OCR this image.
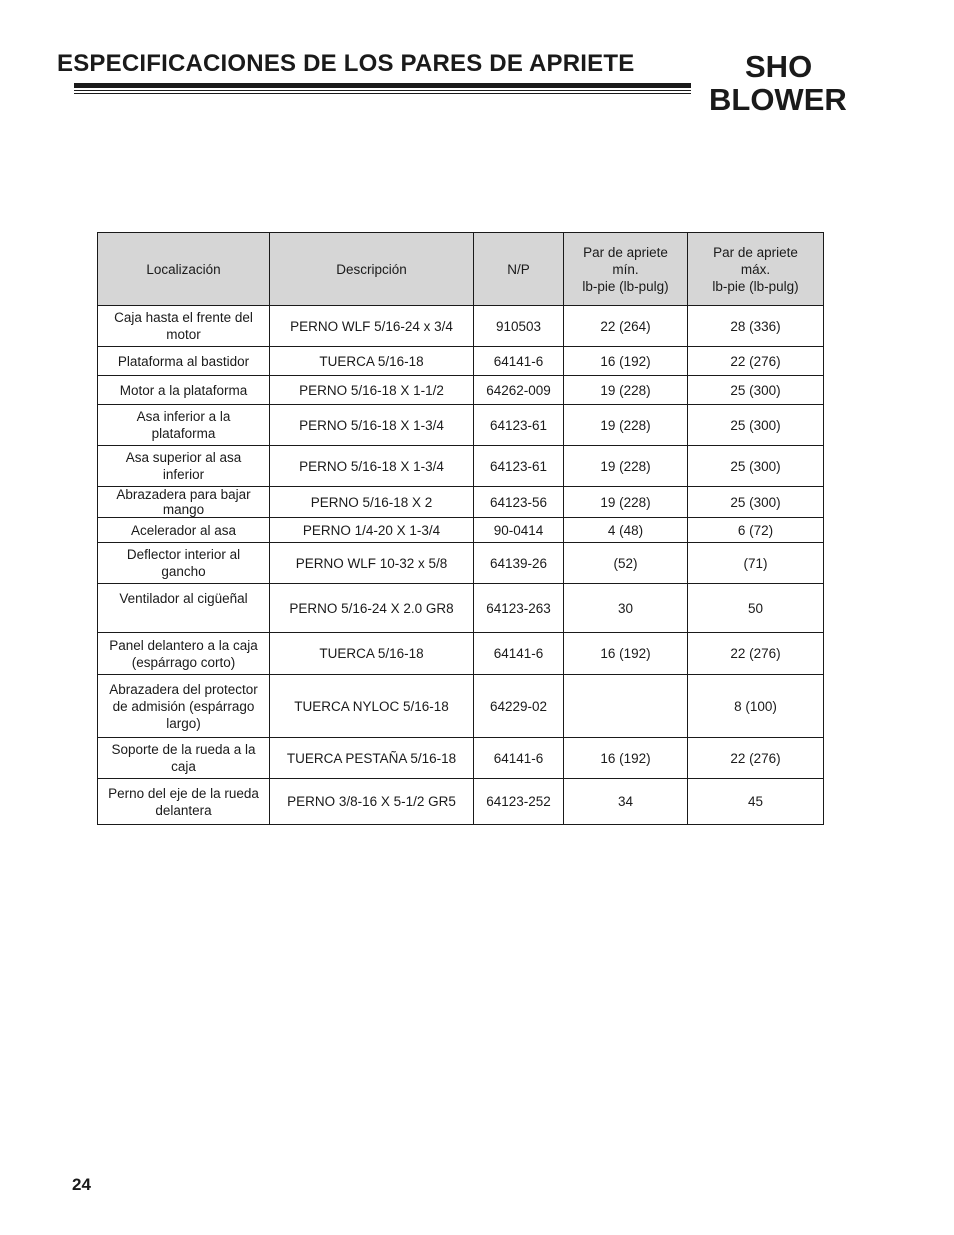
ESPECIFICACIONES DE LOS PARES DE APRIETE	SHO
BLOWER
Localización	Descripción	N/P	Par de apriete
mín.
lb-pie (lb-pulg)	Par de apriete
máx.
lb-pie (lb-pulg)
Caja hasta el frente del motor	PERNO WLF 5/16-24 x 3/4	910503	22 (264)	28 (336)
Plataforma al bastidor	TUERCA 5/16-18	64141-6	16 (192)	22 (276)
Motor a la plataforma	PERNO 5/16-18 X 1-1/2	64262-009	19 (228)	25 (300)
Asa inferior a la plataforma	PERNO 5/16-18 X 1-3/4	64123-61	19 (228)	25 (300)
Asa superior al asa inferior	PERNO 5/16-18 X 1-3/4	64123-61	19 (228)	25 (300)
Abrazadera para bajar mango	PERNO 5/16-18 X 2	64123-56	19 (228)	25 (300)
Acelerador al asa	PERNO 1/4-20 X 1-3/4	90-0414	4 (48)	6 (72)
Deflector interior al gancho	PERNO WLF 10-32 x 5/8	64139-26	(52)	(71)
Ventilador al cigüeñal	PERNO 5/16-24 X 2.0 GR8	64123-263	30	50
Panel delantero a la caja (espárrago corto)	TUERCA 5/16-18	64141-6	16 (192)	22 (276)
Abrazadera del protector de admisión (espárrago largo)	TUERCA NYLOC 5/16-18	64229-02		8 (100)
Soporte de la rueda a la caja	TUERCA PESTAÑA 5/16-18	64141-6	16 (192)	22 (276)
Perno del eje de la rueda delantera	PERNO 3/8-16 X 5-1/2 GR5	64123-252	34	45
24
